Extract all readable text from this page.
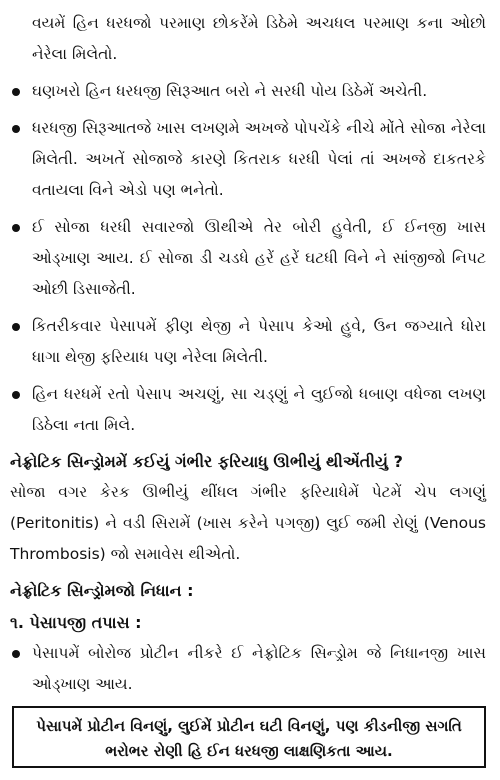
વયમેં હિન ધરધજો પરમાણ છોકરેંમે ડિઠેમે અચધલ પરમાણ કના ઓછો નેરેલા મિલેતો.

ઘણખરો હિન ધરધજી સિરૂઆત બરો ને સરધી પોય ડિઠેમેં અચેતી.
ધરધજી સિરૂઆતજે ખાસ લખણમે અખજે પોપચેંકે નીચે મોંતે સોજા નેરેલા મિલેતી. અખતેં સોજાજે કારણે કિતરાક ધરધી પેલાં તાં અખજે દાકતરકે વતાયલા વિને એડો પણ ભનેતો.
ઈ સોજા ધરધી સવારજો ઊથીએ તેર બોરી હુવેતી, ઈ ઈનજી ખાસ ઓડ્ખાણ આય. ઈ સોજા ડી ચડધે હરેં હરેં ઘટધી વિને ને સાંજીજો નિપટ ઓછી ડિસાજેતી.
કિતરીકવાર પેસાપમેં ફીણ થેજી ને પેસાપ કેઓ હુવે, ઉન જગ્યાતે ધોરા ધાગા થેજી ફરિયાધ પણ નેરેલા મિલેતી.
હિન ધરધમેં રતો પેસાપ અચણું, સા ચડ્ણું ને લુઈજો ધબાણ વધેજા લખણ ડિઠેલા નતા મિલે.

નેફ્રોટિક સિન્ડ્રોમમેં કઈયું ગંભીર ફરિયાધુ ઊભીયું થીએંતીયું ?

સોજા વગર કેરક ઊભીયું થીંધલ ગંભીર ફરિયાધેમેં પેટમેં ચેપ લગણું (Peritonitis) ને વડી સિરામેં (ખાસ કરેને પગજી) લુઈ જમી રોણું (Venous Thrombosis) જો સમાવેસ થીએતો.

નેફ્રોટિક સિન્ડ્રોમજો નિધાન :

૧. પેસાપજી તપાસ :

પેસાપમેં બોરોજ પ્રોટીન નીકરે ઈ નેફ્રોટિક સિન્ડ્રોમ જે નિધાનજી ખાસ ઓડ્ખાણ આય.
પેસાપમેં પ્રોટીન વિનણું, લુઈમેં પ્રોટીન ઘટી વિનણું, પણ કીડનીજી સગતિ ભરોભર રોણી હિ ઈન ધરધજી લાક્ષણિકતા આય.
